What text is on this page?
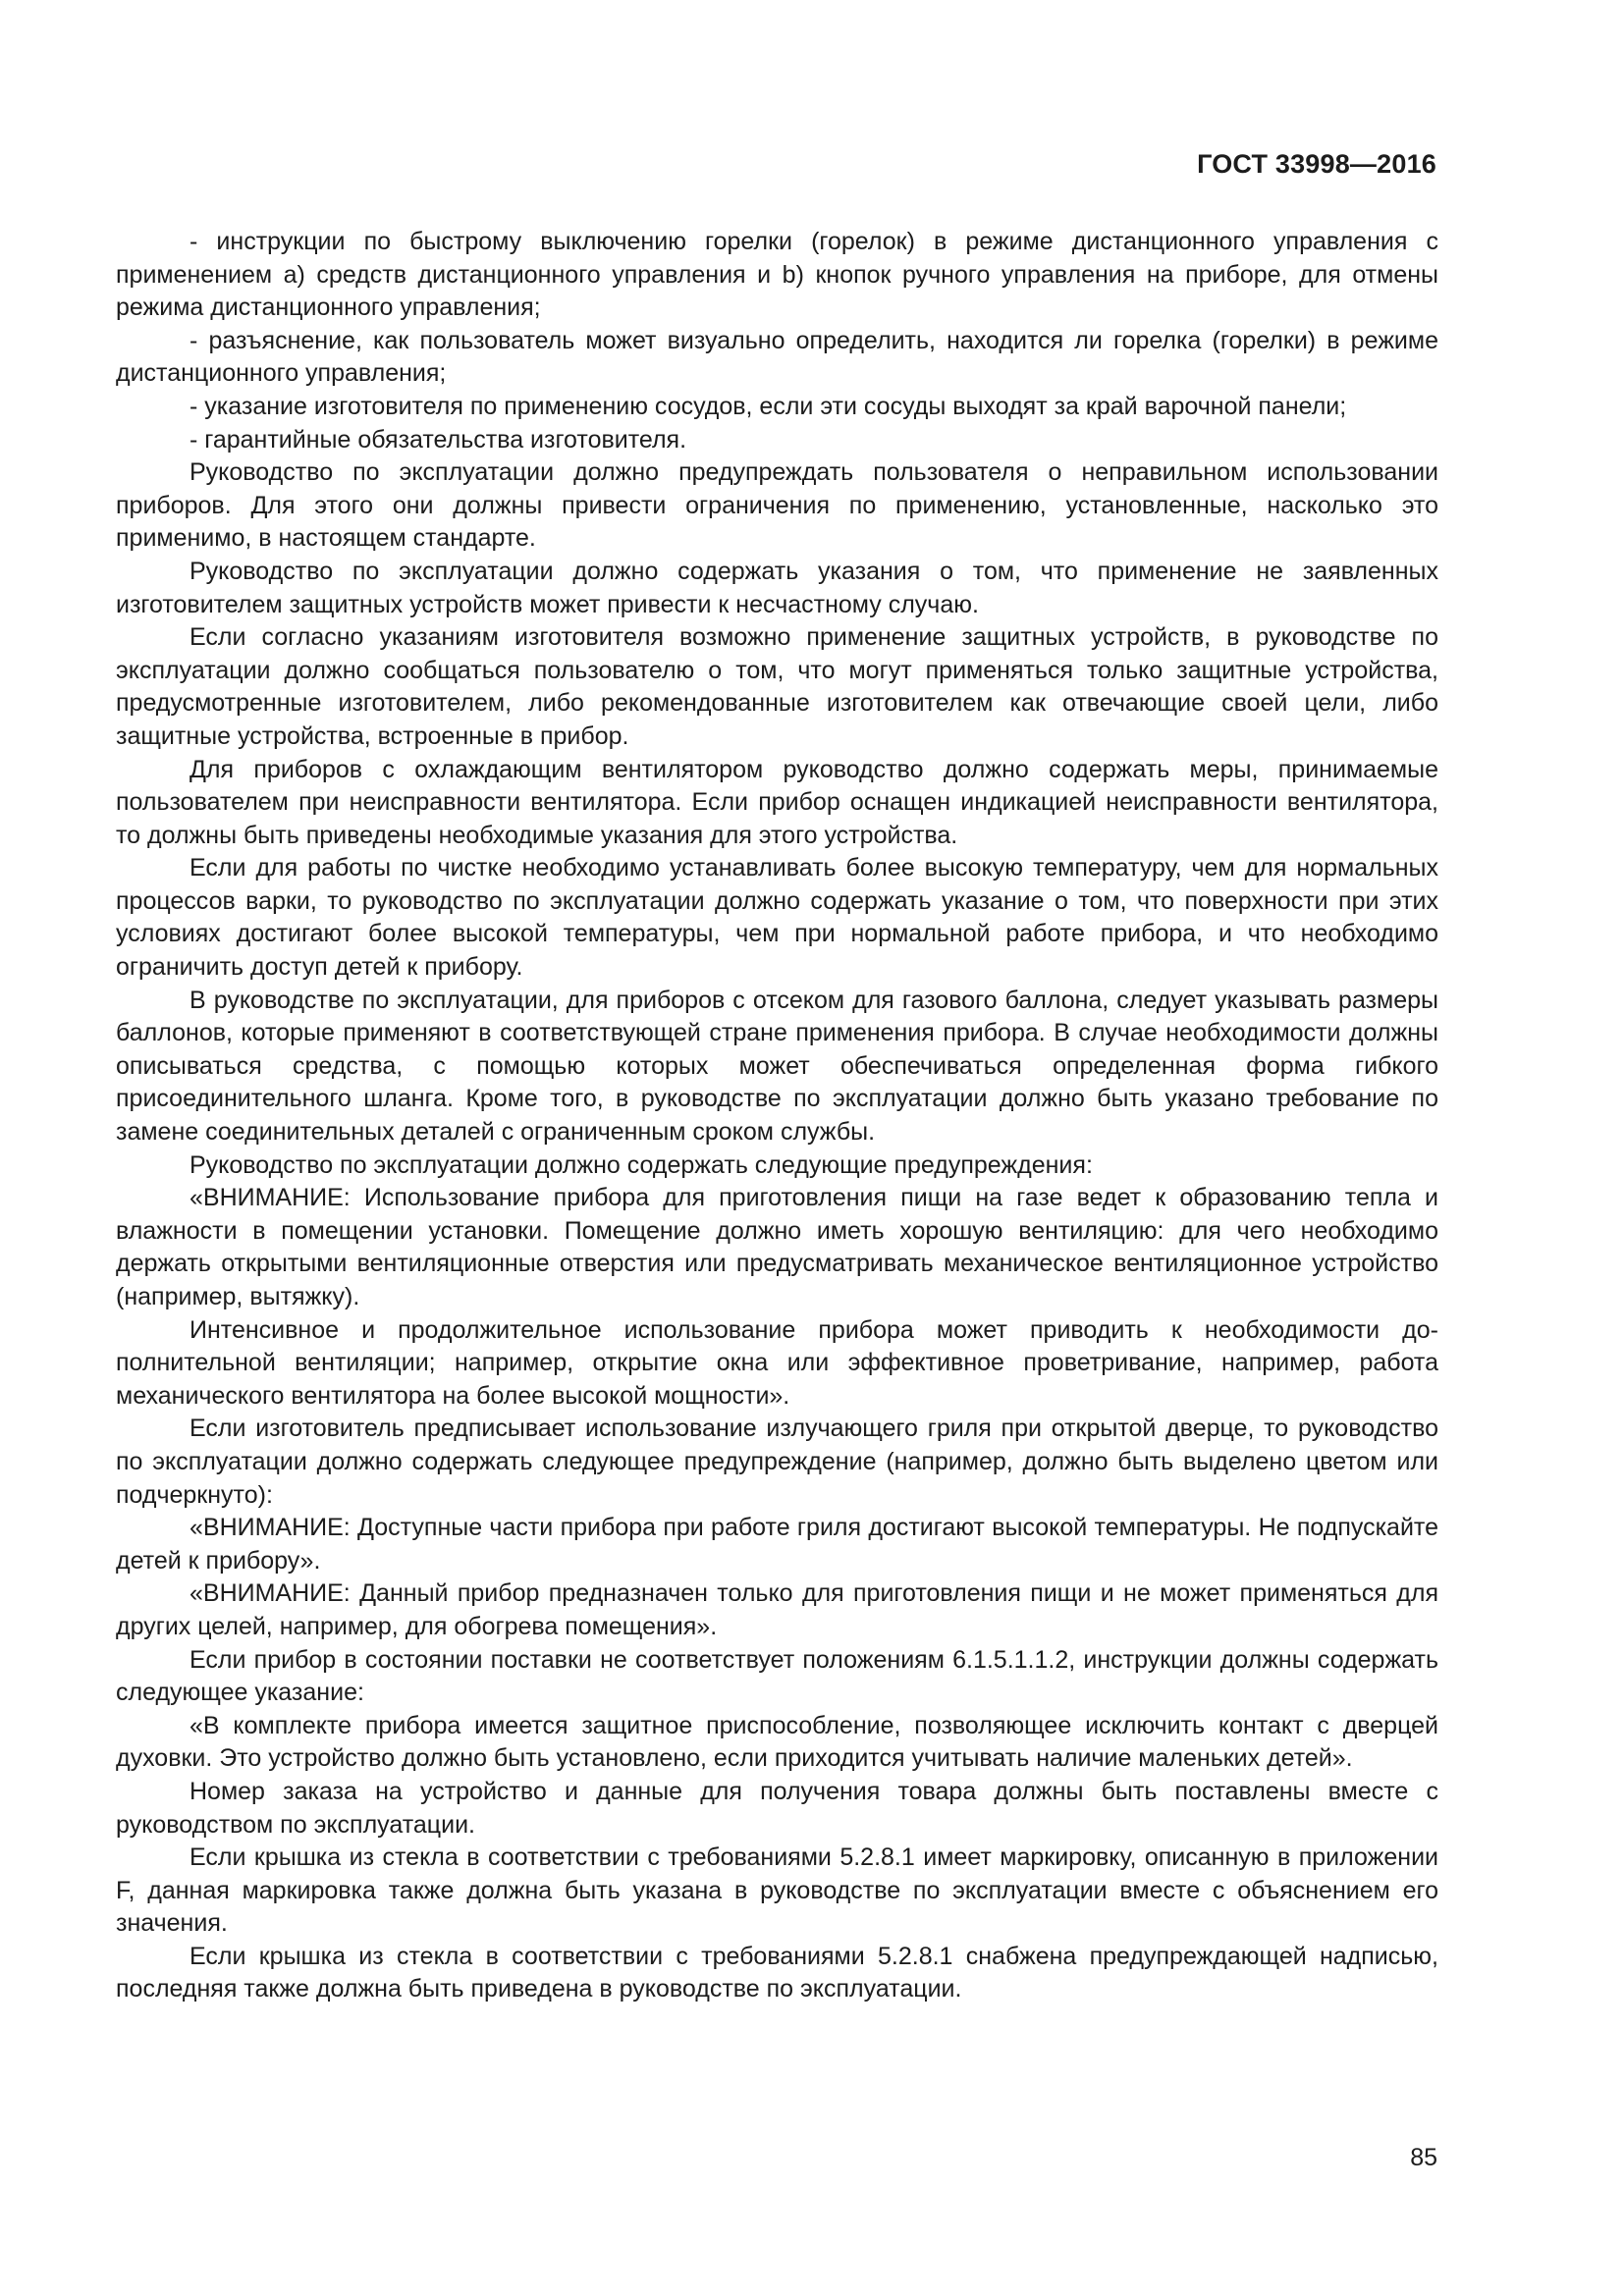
ГОСТ 33998—2016

- инструкции по быстрому выключению горелки (горелок) в режиме дистанционного управления с применением a) средств дистанционного управления и b) кнопок ручного управления на приборе, для отмены режима дистанционного управления;

- разъяснение, как пользователь может визуально определить, находится ли горелка (горелки) в режиме дистанционного управления;

- указание изготовителя по применению сосудов, если эти сосуды выходят за край варочной панели;

- гарантийные обязательства изготовителя.

Руководство по эксплуатации должно предупреждать пользователя о неправильном использовании приборов. Для этого они должны привести ограничения по применению, установленные, насколько это применимо, в настоящем стандарте.

Руководство по эксплуатации должно содержать указания о том, что применение не заявленных изготовителем защитных устройств может привести к несчастному случаю.

Если согласно указаниям изготовителя возможно применение защитных устройств, в руководстве по эксплуатации должно сообщаться пользователю о том, что могут применяться только защитные устройства, предусмотренные изготовителем, либо рекомендованные изготовителем как отвечающие своей цели, либо защитные устройства, встроенные в прибор.

Для приборов с охлаждающим вентилятором руководство должно содержать меры, принимаемые пользователем при неисправности вентилятора. Если прибор оснащен индикацией неисправности вентилятора, то должны быть приведены необходимые указания для этого устройства.

Если для работы по чистке необходимо устанавливать более высокую температуру, чем для нормальных процессов варки, то руководство по эксплуатации должно содержать указание о том, что поверхности при этих условиях достигают более высокой температуры, чем при нормальной работе прибора, и что необходимо ограничить доступ детей к прибору.

В руководстве по эксплуатации, для приборов с отсеком для газового баллона, следует указывать размеры баллонов, которые применяют в соответствующей стране применения прибора. В случае необходимости должны описываться средства, с помощью которых может обеспечиваться определенная форма гибкого присоединительного шланга. Кроме того, в руководстве по эксплуатации должно быть указано требование по замене соединительных деталей с ограниченным сроком службы.

Руководство по эксплуатации должно содержать следующие предупреждения:

«ВНИМАНИЕ: Использование прибора для приготовления пищи на газе ведет к образованию тепла и влажности в помещении установки. Помещение должно иметь хорошую вентиляцию: для чего необходимо держать открытыми вентиляционные отверстия или предусматривать механическое вентиляционное устройство (например, вытяжку).

Интенсивное и продолжительное использование прибора может приводить к необходимости дополнительной вентиляции; например, открытие окна или эффективное проветривание, например, работа механического вентилятора на более высокой мощности».

Если изготовитель предписывает использование излучающего гриля при открытой дверце, то руководство по эксплуатации должно содержать следующее предупреждение (например, должно быть выделено цветом или подчеркнуто):

«ВНИМАНИЕ: Доступные части прибора при работе гриля достигают высокой температуры. Не подпускайте детей к прибору».

«ВНИМАНИЕ: Данный прибор предназначен только для приготовления пищи и не может применяться для других целей, например, для обогрева помещения».

Если прибор в состоянии поставки не соответствует положениям 6.1.5.1.1.2, инструкции должны содержать следующее указание:

«В комплекте прибора имеется защитное приспособление, позволяющее исключить контакт с дверцей духовки. Это устройство должно быть установлено, если приходится учитывать наличие маленьких детей».

Номер заказа на устройство и данные для получения товара должны быть поставлены вместе с руководством по эксплуатации.

Если крышка из стекла в соответствии с требованиями 5.2.8.1 имеет маркировку, описанную в приложении F, данная маркировка также должна быть указана в руководстве по эксплуатации вместе с объяснением его значения.

Если крышка из стекла в соответствии с требованиями 5.2.8.1 снабжена предупреждающей надписью, последняя также должна быть приведена в руководстве по эксплуатации.

85
